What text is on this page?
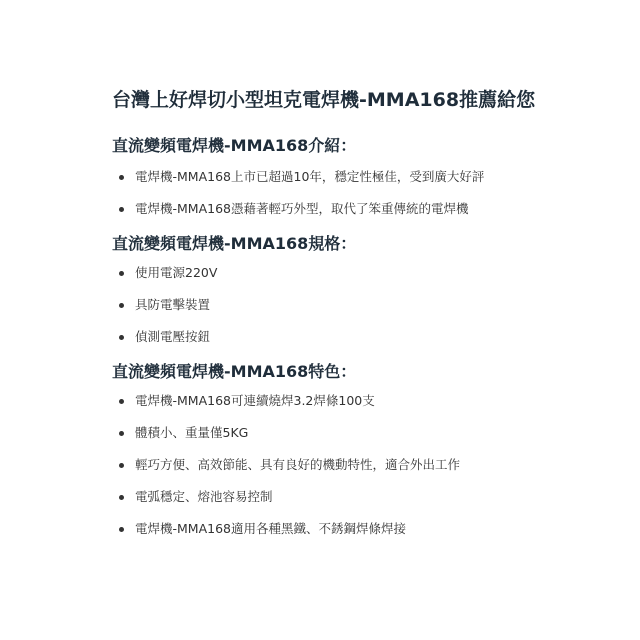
台灣上好焊切小型坦克電焊機-MMA168推薦給您
直流變頻電焊機-MMA168介紹：
電焊機-MMA168上市已超過10年，穩定性極佳，受到廣大好評
電焊機-MMA168憑藉著輕巧外型，取代了笨重傳統的電焊機
直流變頻電焊機-MMA168規格：
使用電源220V
具防電擊裝置
偵測電壓按鈕
直流變頻電焊機-MMA168特色：
電焊機-MMA168可連續燒焊3.2焊條100支
體積小、重量僅5KG
輕巧方便、高效節能、具有良好的機動特性，適合外出工作
電弧穩定、熔池容易控制
電焊機-MMA168適用各種黑鐵、不銹鋼焊條焊接
